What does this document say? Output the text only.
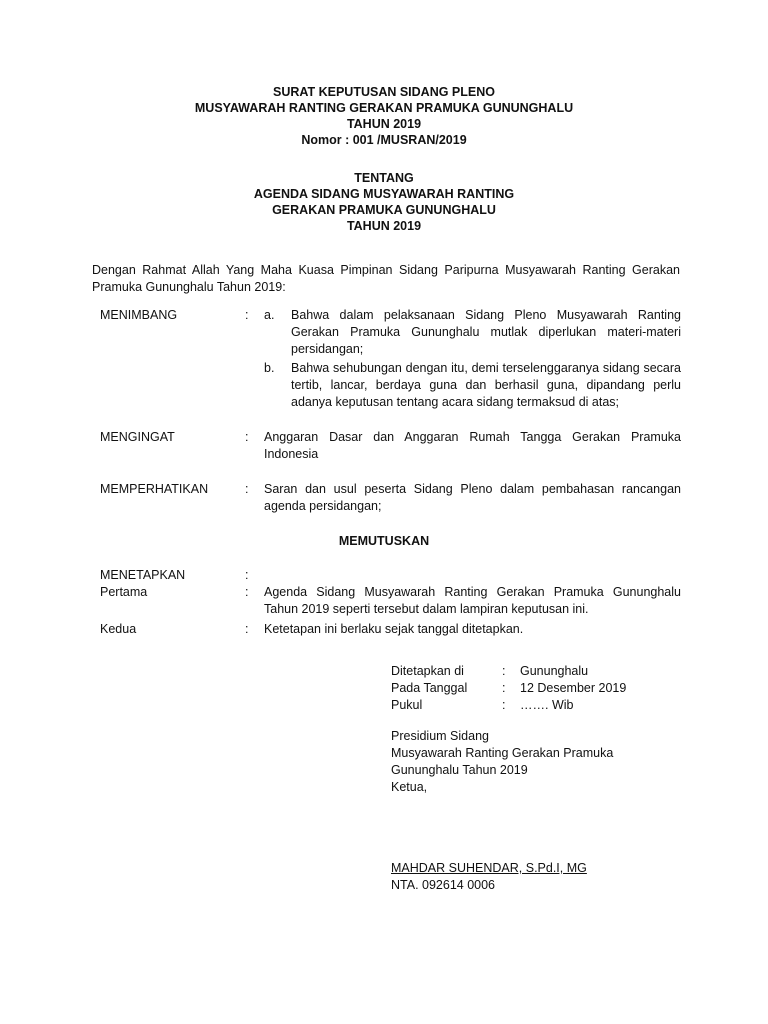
SURAT KEPUTUSAN SIDANG PLENO
MUSYAWARAH RANTING GERAKAN PRAMUKA GUNUNGHALU
TAHUN 2019
Nomor : 001 /MUSRAN/2019
TENTANG
AGENDA SIDANG MUSYAWARAH RANTING
GERAKAN PRAMUKA GUNUNGHALU
TAHUN 2019
Dengan Rahmat Allah Yang Maha Kuasa Pimpinan Sidang Paripurna Musyawarah Ranting Gerakan Pramuka Gununghalu Tahun 2019:
MENIMBANG	:	a. Bahwa dalam pelaksanaan Sidang Pleno Musyawarah Ranting Gerakan Pramuka Gununghalu mutlak diperlukan materi-materi persidangan;
b. Bahwa sehubungan dengan itu, demi terselenggaranya sidang secara tertib, lancar, berdaya guna dan berhasil guna, dipandang perlu adanya keputusan tentang acara sidang termaksud di atas;
MENGINGAT	:	Anggaran Dasar dan Anggaran Rumah Tangga Gerakan Pramuka Indonesia
MEMPERHATIKAN	:	Saran dan usul peserta Sidang Pleno dalam pembahasan rancangan agenda persidangan;
MEMUTUSKAN
MENETAPKAN	:
Pertama	:	Agenda Sidang Musyawarah Ranting Gerakan Pramuka Gununghalu Tahun 2019 seperti tersebut dalam lampiran keputusan ini.
Kedua	:	Ketetapan ini berlaku sejak tanggal ditetapkan.
Ditetapkan di	: Gununghalu
Pada Tanggal	: 12 Desember 2019
Pukul	: ……. Wib
Presidium Sidang
Musyawarah Ranting Gerakan Pramuka
Gununghalu Tahun 2019
Ketua,
MAHDAR SUHENDAR, S.Pd.I, MG
NTA. 092614 0006
